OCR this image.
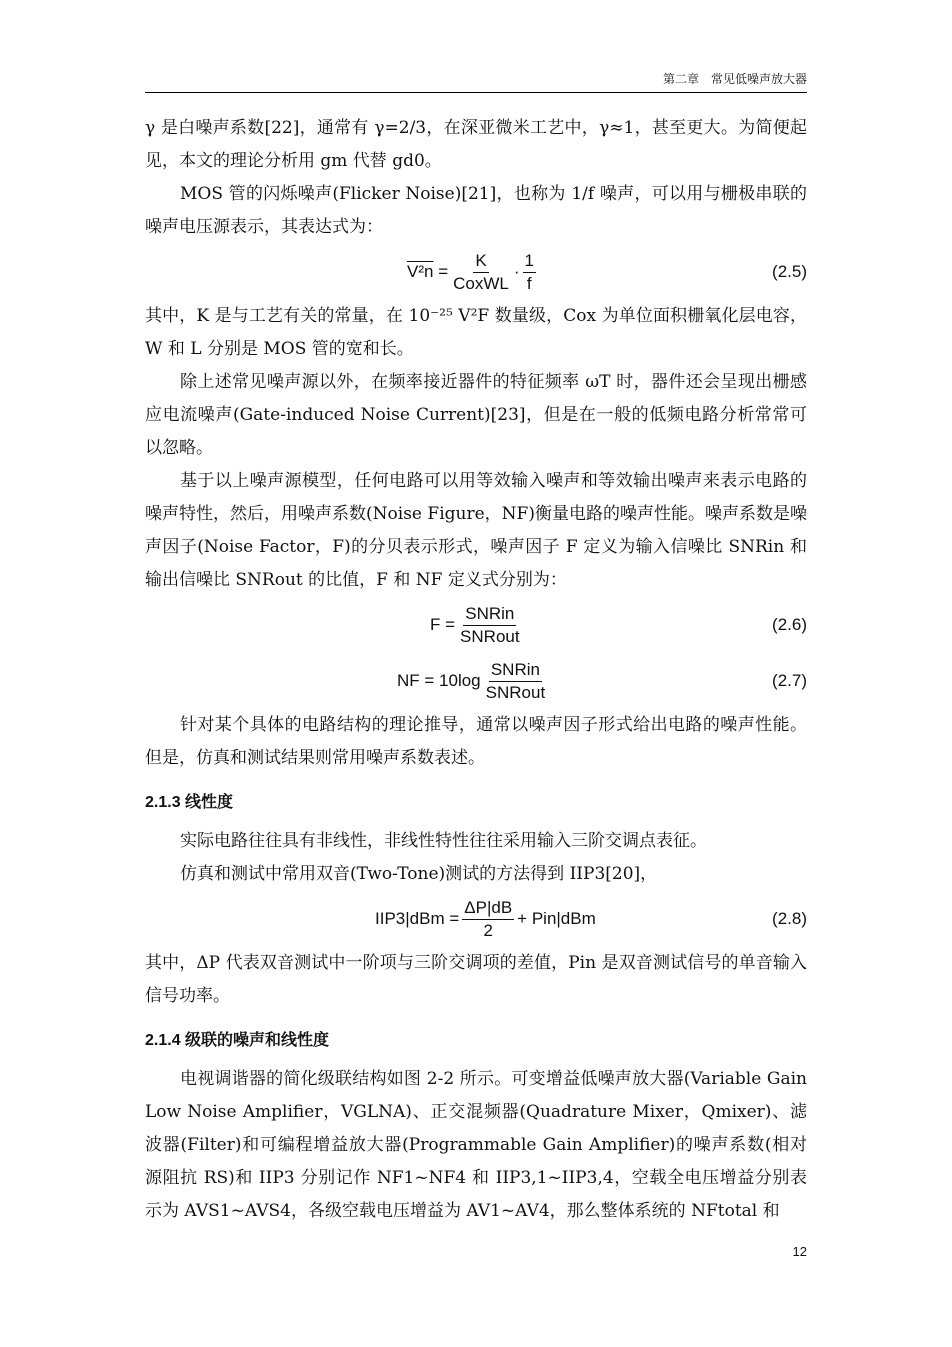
第二章　常见低噪声放大器

γ 是白噪声系数[22]，通常有 γ=2/3，在深亚微米工艺中，γ≈1，甚至更大。为简便起见，本文的理论分析用 gm 代替 gd0。

MOS 管的闪烁噪声(Flicker Noise)[21]，也称为 1/f 噪声，可以用与栅极串联的噪声电压源表示，其表达式为：

$V^2n = \frac{K}{\text{CoxWL}} \cdot \frac{1}{f}$	(2.5)

其中，K 是与工艺有关的常量，在 10⁻²⁵ V²F 数量级，Cox 为单位面积栅氧化层电容，W 和 L 分别是 MOS 管的宽和长。

除上述常见噪声源以外，在频率接近器件的特征频率 ωT 时，器件还会呈现出栅感应电流噪声(Gate-induced Noise Current)[23]，但是在一般的低频电路分析常常可以忽略。

基于以上噪声源模型，任何电路可以用等效输入噪声和等效输出噪声来表示电路的噪声特性，然后，用噪声系数(Noise Figure，NF)衡量电路的噪声性能。噪声系数是噪声因子(Noise Factor，F)的分贝表示形式，噪声因子 F 定义为输入信噪比 SNRin 和输出信噪比 SNRout 的比值，F 和 NF 定义式分别为：

$F = \frac{\text{SNRin}}{\text{SNRout}}$	(2.6)
NF = $10\log \frac{\text{SNRin}}{\text{SNRout}}$	(2.7)

针对某个具体的电路结构的理论推导，通常以噪声因子形式给出电路的噪声性能。但是，仿真和测试结果则常用噪声系数表述。

2.1.3 线性度

实际电路往往具有非线性，非线性特性往往采用输入三阶交调点表征。

仿真和测试中常用双音(Two-Tone)测试的方法得到 IIP3[20]，

$IIP3|dBm = \frac{\Delta P|dB}{2} + Pin|dBm$	(2.8)

其中，ΔP 代表双音测试中一阶项与三阶交调项的差值，Pin 是双音测试信号的单音输入信号功率。

2.1.4 级联的噪声和线性度

电视调谐器的简化级联结构如图 2-2 所示。可变增益低噪声放大器(Variable Gain Low Noise Amplifier，VGLNA)、正交混频器(Quadrature Mixer，Qmixer)、滤波器(Filter)和可编程增益放大器(Programmable Gain Amplifier)的噪声系数(相对源阻抗 RS)和 IIP3 分别记作 NF1~NF4 和 IIP3,1~IIP3,4，空载全电压增益分别表示为 AVS1~AVS4，各级空载电压增益为 AV1~AV4，那么整体系统的 NFtotal 和

12
